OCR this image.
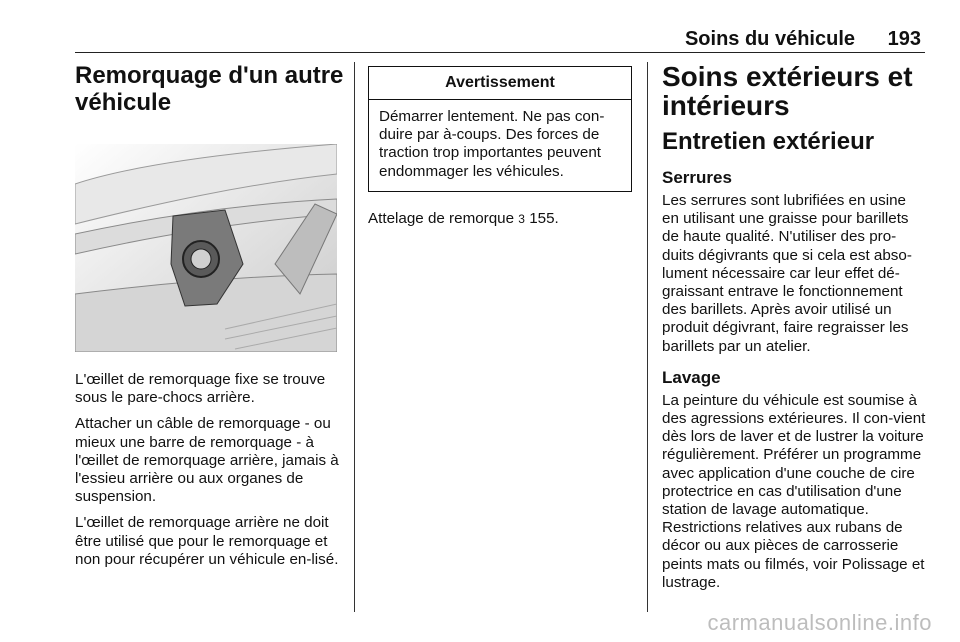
Soins du véhicule 193
Remorquage d'un autre véhicule

L'œillet de remorquage fixe se trouve sous le pare-chocs arrière.

Attacher un câble de remorquage - ou mieux une barre de remorquage - à l'œillet de remorquage arrière, jamais à l'essieu arrière ou aux organes de suspension.

L'œillet de remorquage arrière ne doit être utilisé que pour le remorquage et non pour récupérer un véhicule en-lisé.

Avertissement
Démarrer lentement. Ne pas con-duire par à-coups. Des forces de traction trop importantes peuvent endommager les véhicules.

Attelage de remorque 3 155.

Soins extérieurs et intérieurs
Entretien extérieur
Serrures

Les serrures sont lubrifiées en usine en utilisant une graisse pour barillets de haute qualité. N'utiliser des pro-duits dégivrants que si cela est abso-lument nécessaire car leur effet dé-graissant entrave le fonctionnement des barillets. Après avoir utilisé un produit dégivrant, faire regraisser les barillets par un atelier.

Lavage

La peinture du véhicule est soumise à des agressions extérieures. Il con-vient dès lors de laver et de lustrer la voiture régulièrement. Préférer un programme avec application d'une couche de cire protectrice en cas d'utilisation d'une station de lavage automatique. Restrictions relatives aux rubans de décor ou aux pièces de carrosserie peints mats ou filmés, voir Polissage et lustrage.

carmanualsonline.info
